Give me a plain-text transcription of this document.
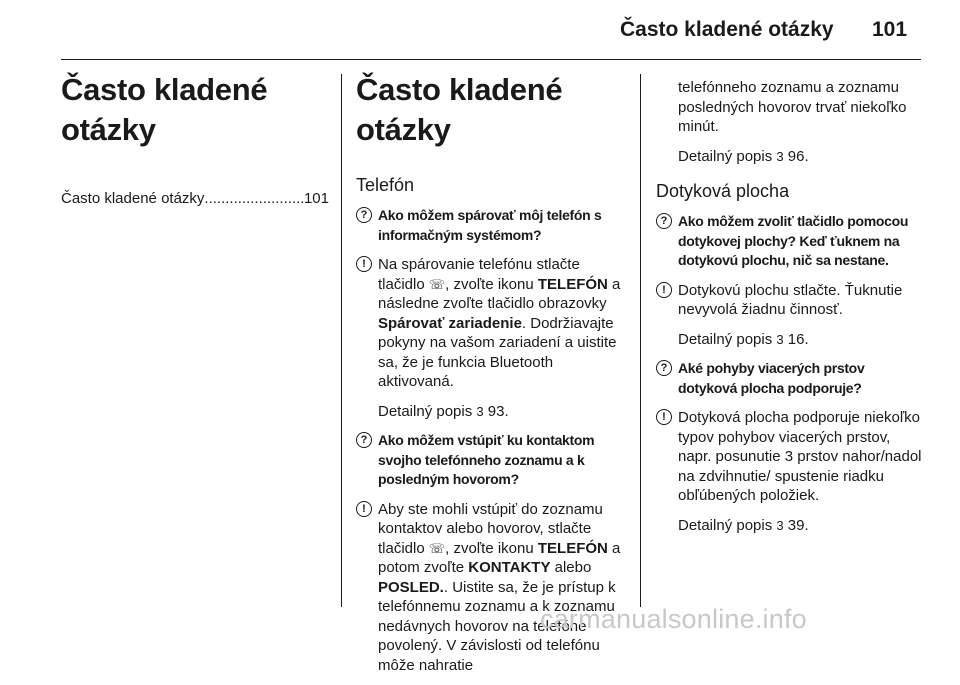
Často kladené otázky	101
Často kladené otázky
Často kladené otázky
.....	101
Často kladené otázky
Telefón
? Ako môžem spárovať môj telefón s informačným systémom?
! Na spárovanie telefónu stlačte tlačidlo ☏, zvoľte ikonu TELEFÓN a následne zvoľte tlačidlo obrazovky Spárovať zariadenie. Dodržiavajte pokyny na vašom zariadení a uistite sa, že je funkcia Bluetooth aktivovaná.
Detailný popis 3 93.
? Ako môžem vstúpiť ku kontaktom svojho telefónneho zoznamu a k posledným hovorom?
! Aby ste mohli vstúpiť do zoznamu kontaktov alebo hovorov, stlačte tlačidlo ☏, zvoľte ikonu TELEFÓN a potom zvoľte KONTAKTY alebo POSLED.. Uistite sa, že je prístup k telefónnemu zoznamu a k zoznamu nedávnych hovorov na telefóne povolený. V závislosti od telefónu môže nahratie
telefónneho zoznamu a zoznamu posledných hovorov trvať niekoľko minút.
Detailný popis 3 96.
Dotyková plocha
? Ako môžem zvoliť tlačidlo pomocou dotykovej plochy? Keď ťuknem na dotykovú plochu, nič sa nestane.
! Dotykovú plochu stlačte. Ťuknutie nevyvolá žiadnu činnosť.
Detailný popis 3 16.
? Aké pohyby viacerých prstov dotyková plocha podporuje?
! Dotyková plocha podporuje niekoľko typov pohybov viacerých prstov, napr. posunutie 3 prstov nahor/nadol na zdvihnutie/ spustenie riadku obľúbených položiek.
Detailný popis 3 39.
carmanualsonline.info
